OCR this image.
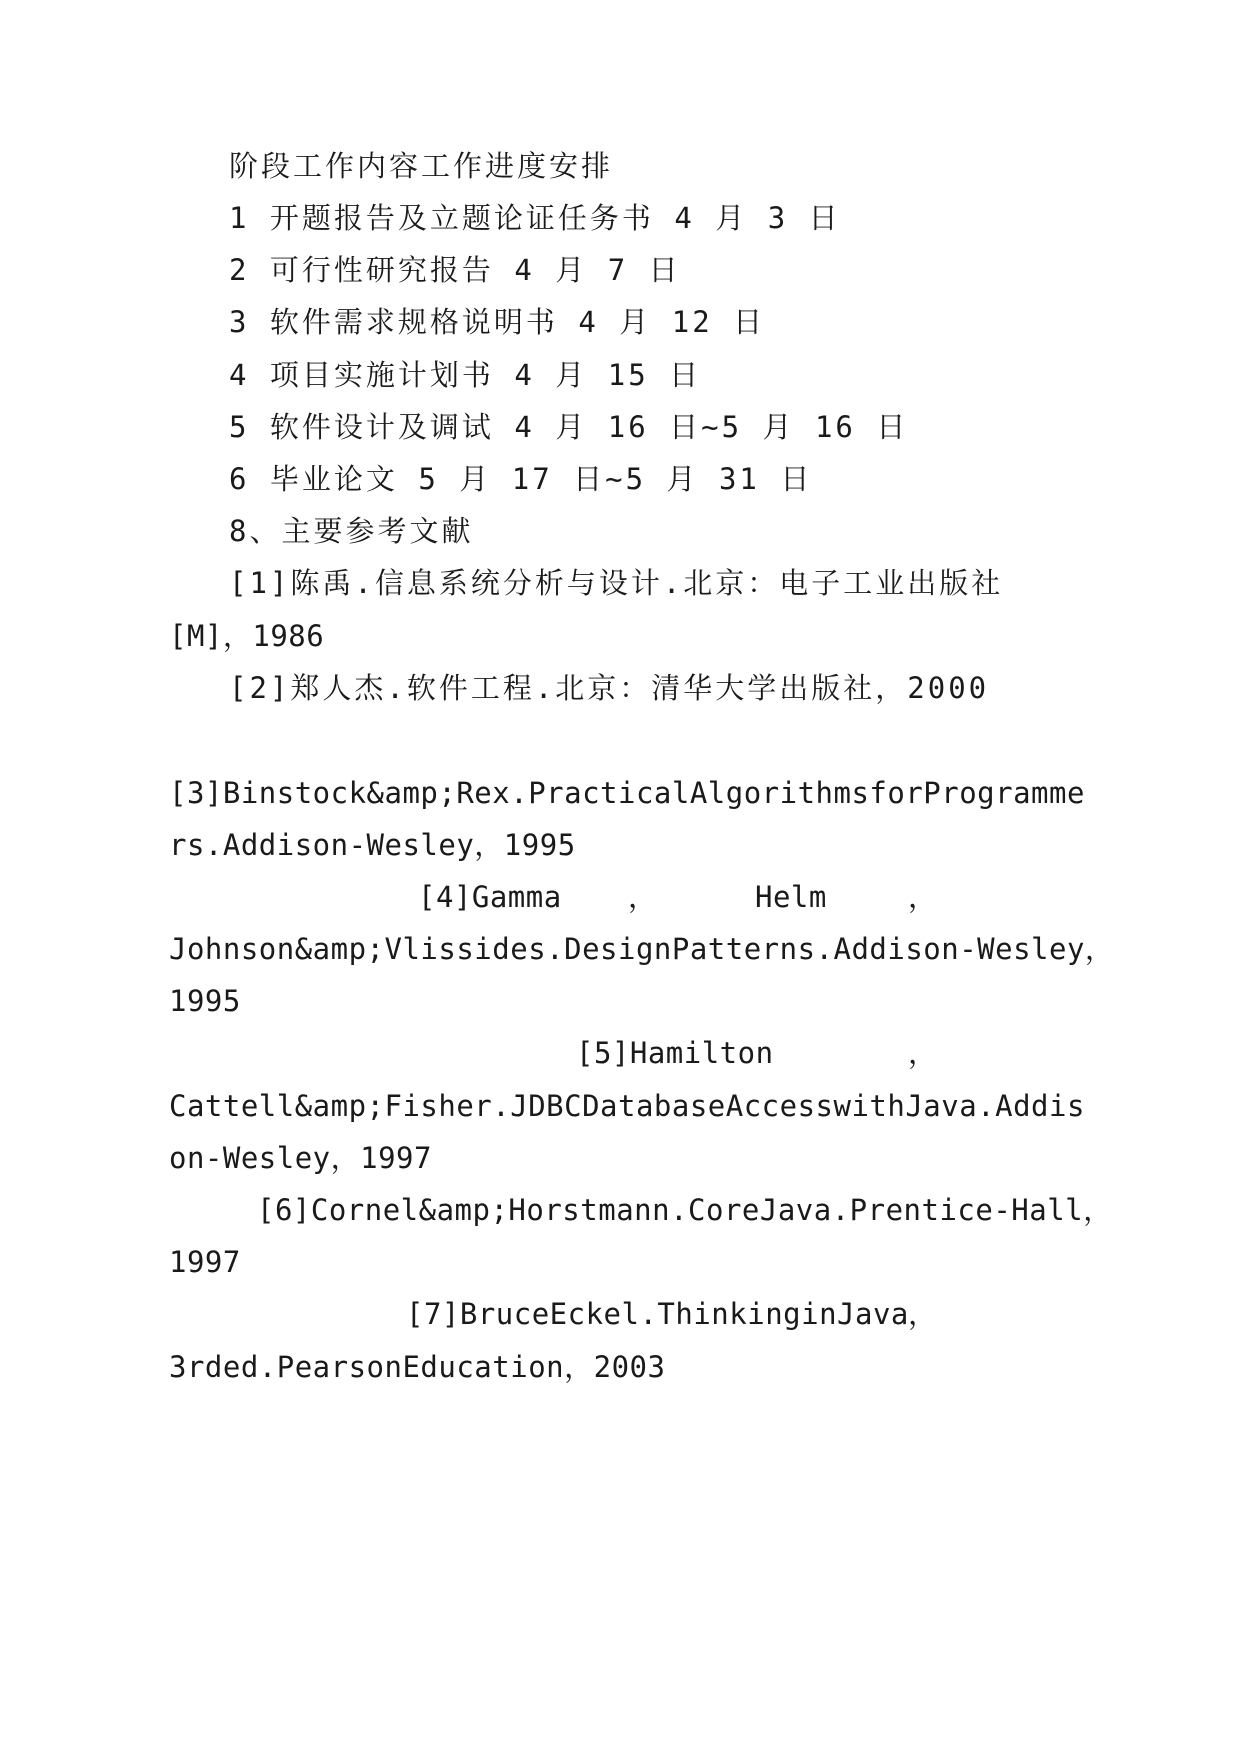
阶段工作内容工作进度安排
1 开题报告及立题论证任务书 4 月 3 日
2 可行性研究报告 4 月 7 日
3 软件需求规格说明书 4 月 12 日
4 项目实施计划书 4 月 15 日
5 软件设计及调试 4 月 16 日~5 月 16 日
6 毕业论文 5 月 17 日~5 月 31 日
8、主要参考文献
[1]陈禹.信息系统分析与设计.北京：电子工业出版社
[M]，1986
[2]郑人杰.软件工程.北京：清华大学出版社，2000
[3]Binstock&amp;Rex.PracticalAlgorithmsforProgramme
rs.Addison-Wesley，1995
[4]Gamma ，	Helm	，
Johnson&amp;Vlissides.DesignPatterns.Addison-Wesley，
1995
[5]Hamilton	，
Cattell&amp;Fisher.JDBCDatabaseAccesswithJava.Addis
on-Wesley，1997
[6]Cornel&amp;Horstmann.CoreJava.Prentice-Hall，
1997
[7]BruceEckel.ThinkinginJava ，
3rded.PearsonEducation，2003
